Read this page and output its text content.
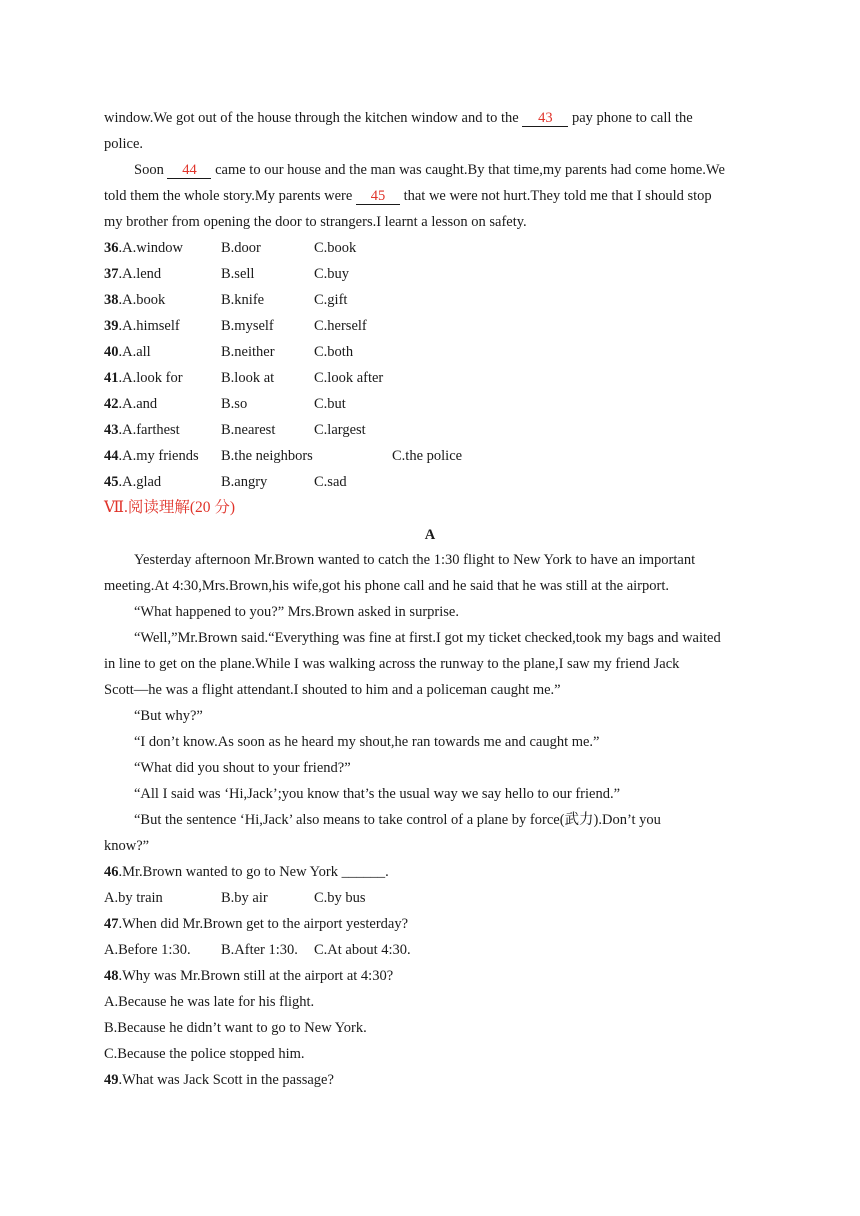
window.We got out of the house through the kitchen window and to the 43 pay phone to call the
police.
Soon 44 came to our house and the man was caught.By that time,my parents had come home.We
told them the whole story.My parents were 45 that we were not hurt.They told me that I should stop
my brother from opening the door to strangers.I learnt a lesson on safety.
36.A.window	B.door	C.book
37.A.lend	B.sell	C.buy
38.A.book	B.knife	C.gift
39.A.himself	B.myself	C.herself
40.A.all	B.neither	C.both
41.A.look for	B.look at	C.look after
42.A.and	B.so	C.but
43.A.farthest	B.nearest	C.largest
44.A.my friends B.the neighbors	C.the police
45.A.glad	B.angry	C.sad
Ⅶ.阅读理解(20 分)
A
Yesterday afternoon Mr.Brown wanted to catch the 1:30 flight to New York to have an important
meeting.At 4:30,Mrs.Brown,his wife,got his phone call and he said that he was still at the airport.
“What happened to you?” Mrs.Brown asked in surprise.
“Well,”Mr.Brown said.“Everything was fine at first.I got my ticket checked,took my bags and waited
in line to get on the plane.While I was walking across the runway to the plane,I saw my friend Jack
Scott—he was a flight attendant.I shouted to him and a policeman caught me.”
“But why?”
“I don’t know.As soon as he heard my shout,he ran towards me and caught me.”
“What did you shout to your friend?”
“All I said was ‘Hi,Jack’;you know that’s the usual way we say hello to our friend.”
“But the sentence ‘Hi,Jack’ also means to take control of a plane by force(武力).Don’t you
know?”
46.Mr.Brown wanted to go to New York ______.
A.by train	B.by air	C.by bus
47.When did Mr.Brown get to the airport yesterday?
A.Before 1:30. B.After 1:30. C.At about 4:30.
48.Why was Mr.Brown still at the airport at 4:30?
A.Because he was late for his flight.
B.Because he didn’t want to go to New York.
C.Because the police stopped him.
49.What was Jack Scott in the passage?
